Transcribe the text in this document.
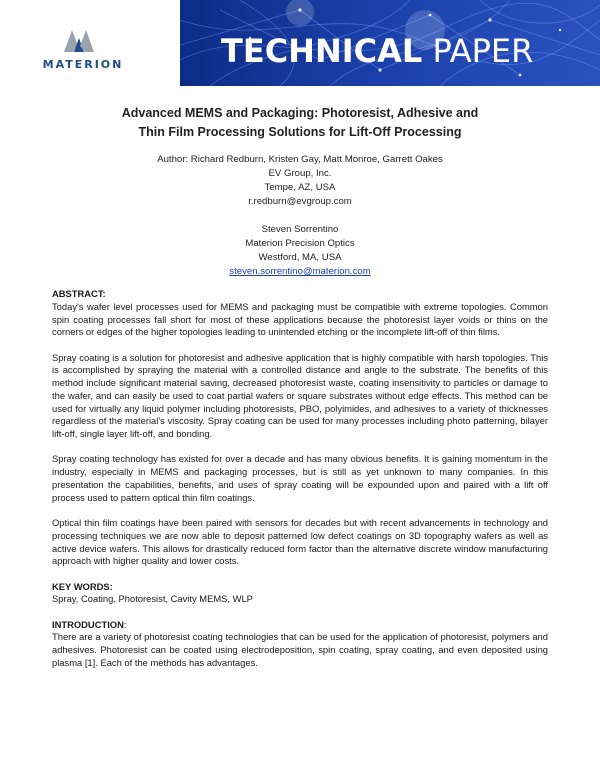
MATERION	TECHNICAL PAPER
Advanced MEMS and Packaging: Photoresist, Adhesive and
Thin Film Processing Solutions for Lift-Off Processing
Author: Richard Redburn, Kristen Gay, Matt Monroe, Garrett Oakes
EV Group, Inc.
Tempe, AZ, USA
r.redburn@evgroup.com
Steven Sorrentino
Materion Precision Optics
Westford, MA, USA
steven.sorrentino@materion.com
ABSTRACT:

Today's wafer level processes used for MEMS and packaging must be compatible with extreme topologies. Common spin coating processes fall short for most of these applications because the photoresist layer voids or thins on the corners or edges of the higher topologies leading to unintended etching or the incomplete lift-off of thin films.

Spray coating is a solution for photoresist and adhesive application that is highly compatible with harsh topologies. This is accomplished by spraying the material with a controlled distance and angle to the substrate. The benefits of this method include significant material saving, decreased photoresist waste, coating insensitivity to particles or damage to the wafer, and can easily be used to coat partial wafers or square substrates without edge effects. This method can be used for virtually any liquid polymer including photoresists, PBO, polyimides, and adhesives to a variety of thicknesses regardless of the material's viscosity. Spray coating can be used for many processes including photo patterning, bilayer lift-off, single layer lift-off, and bonding.

Spray coating technology has existed for over a decade and has many obvious benefits. It is gaining momentum in the industry, especially in MEMS and packaging processes, but is still as yet unknown to many companies. In this presentation the capabilities, benefits, and uses of spray coating will be expounded upon and paired with a lift off process used to pattern optical thin film coatings.

Optical thin film coatings have been paired with sensors for decades but with recent advancements in technology and processing techniques we are now able to deposit patterned low defect coatings on 3D topography wafers as well as active device wafers. This allows for drastically reduced form factor than the alternative discrete window manufacturing approach with higher quality and lower costs.

KEY WORDS:

Spray, Coating, Photoresist, Cavity MEMS, WLP

INTRODUCTION:

There are a variety of photoresist coating technologies that can be used for the application of photoresist, polymers and adhesives. Photoresist can be coated using electrodeposition, spin coating, spray coating, and even deposited using plasma [1]. Each of the methods has advantages.
